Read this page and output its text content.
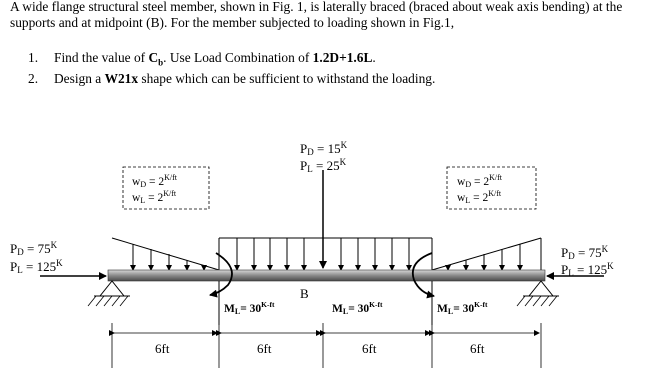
A wide flange structural steel member, shown in Fig. 1, is laterally braced (braced about weak axis bending) at the supports and at midpoint (B). For the member subjected to loading shown in Fig.1,
1. Find the value of $C_b$. Use Load Combination of 1.2D+1.6L.
2. Design a W21x shape which can be sufficient to withstand the loading.
PD = $15^K$
PL = $25^K$
wD = $2^{K/ft}$
wL = $2^{K/ft}$
wD = $2^{K/ft}$
wL = $2^{K/ft}$
PD = $75^K$
PL = $125^K$
PD = $75^K$
PL = $125^K$
B
$ML= 30^{K-ft}$	$ML= 30^{K-ft}$	$ML= 30^{K-ft}$
6ft	6ft	6ft	6ft
